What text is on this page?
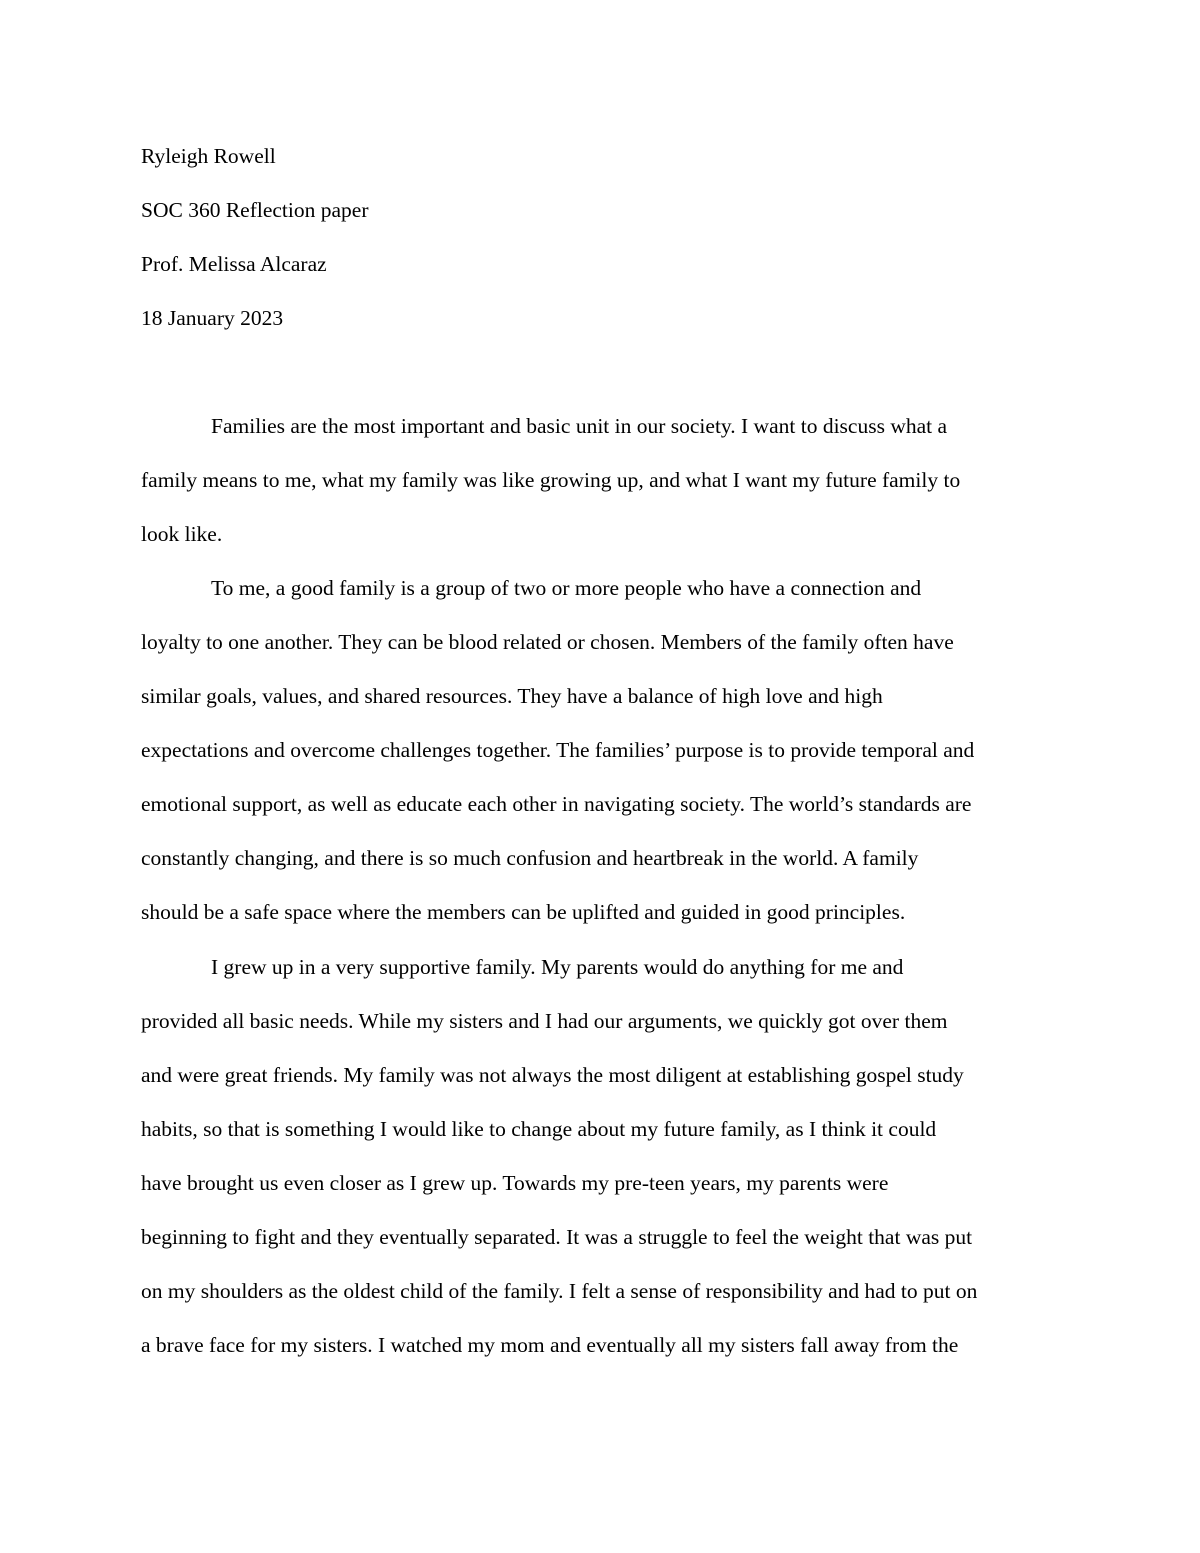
Ryleigh Rowell
SOC 360 Reflection paper
Prof. Melissa Alcaraz
18 January 2023
Families are the most important and basic unit in our society. I want to discuss what a
family means to me, what my family was like growing up, and what I want my future family to
look like.
To me, a good family is a group of two or more people who have a connection and
loyalty to one another. They can be blood related or chosen. Members of the family often have
similar goals, values, and shared resources. They have a balance of high love and high
expectations and overcome challenges together. The families’ purpose is to provide temporal and
emotional support, as well as educate each other in navigating society. The world’s standards are
constantly changing, and there is so much confusion and heartbreak in the world. A family
should be a safe space where the members can be uplifted and guided in good principles.
I grew up in a very supportive family. My parents would do anything for me and
provided all basic needs. While my sisters and I had our arguments, we quickly got over them
and were great friends. My family was not always the most diligent at establishing gospel study
habits, so that is something I would like to change about my future family, as I think it could
have brought us even closer as I grew up. Towards my pre-teen years, my parents were
beginning to fight and they eventually separated. It was a struggle to feel the weight that was put
on my shoulders as the oldest child of the family. I felt a sense of responsibility and had to put on
a brave face for my sisters. I watched my mom and eventually all my sisters fall away from the
